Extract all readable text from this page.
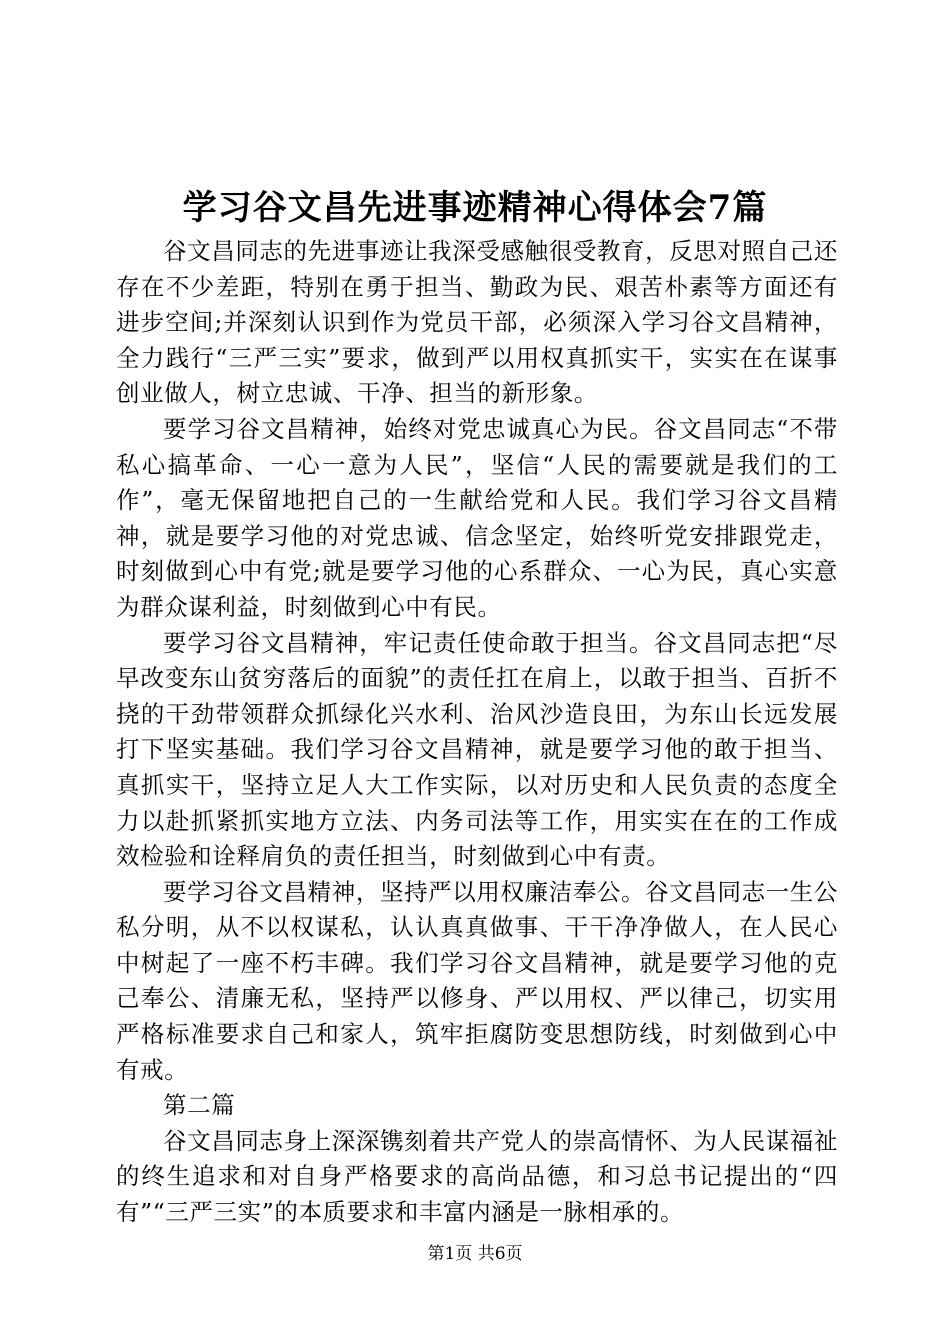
学习谷文昌先进事迹精神心得体会7篇

谷文昌同志的先进事迹让我深受感触很受教育，反思对照自己还存在不少差距，特别在勇于担当、勤政为民、艰苦朴素等方面还有进步空间;并深刻认识到作为党员干部，必须深入学习谷文昌精神，全力践行“三严三实”要求，做到严以用权真抓实干，实实在在谋事创业做人，树立忠诚、干净、担当的新形象。

要学习谷文昌精神，始终对党忠诚真心为民。谷文昌同志“不带私心搞革命、一心一意为人民”，坚信“人民的需要就是我们的工作”，毫无保留地把自己的一生献给党和人民。我们学习谷文昌精神，就是要学习他的对党忠诚、信念坚定，始终听党安排跟党走，时刻做到心中有党;就是要学习他的心系群众、一心为民，真心实意为群众谋利益，时刻做到心中有民。

要学习谷文昌精神，牢记责任使命敢于担当。谷文昌同志把“尽早改变东山贫穷落后的面貌”的责任扛在肩上，以敢于担当、百折不挠的干劲带领群众抓绿化兴水利、治风沙造良田，为东山长远发展打下坚实基础。我们学习谷文昌精神，就是要学习他的敢于担当、真抓实干，坚持立足人大工作实际，以对历史和人民负责的态度全力以赴抓紧抓实地方立法、内务司法等工作，用实实在在的工作成效检验和诠释肩负的责任担当，时刻做到心中有责。

要学习谷文昌精神，坚持严以用权廉洁奉公。谷文昌同志一生公私分明，从不以权谋私，认认真真做事、干干净净做人，在人民心中树起了一座不朽丰碑。我们学习谷文昌精神，就是要学习他的克己奉公、清廉无私，坚持严以修身、严以用权、严以律己，切实用严格标准要求自己和家人，筑牢拒腐防变思想防线，时刻做到心中有戒。

第二篇

谷文昌同志身上深深镌刻着共产党人的崇高情怀、为人民谋福祉的终生追求和对自身严格要求的高尚品德，和习总书记提出的“四有”“三严三实”的本质要求和丰富内涵是一脉相承的。

第1页 共6页
